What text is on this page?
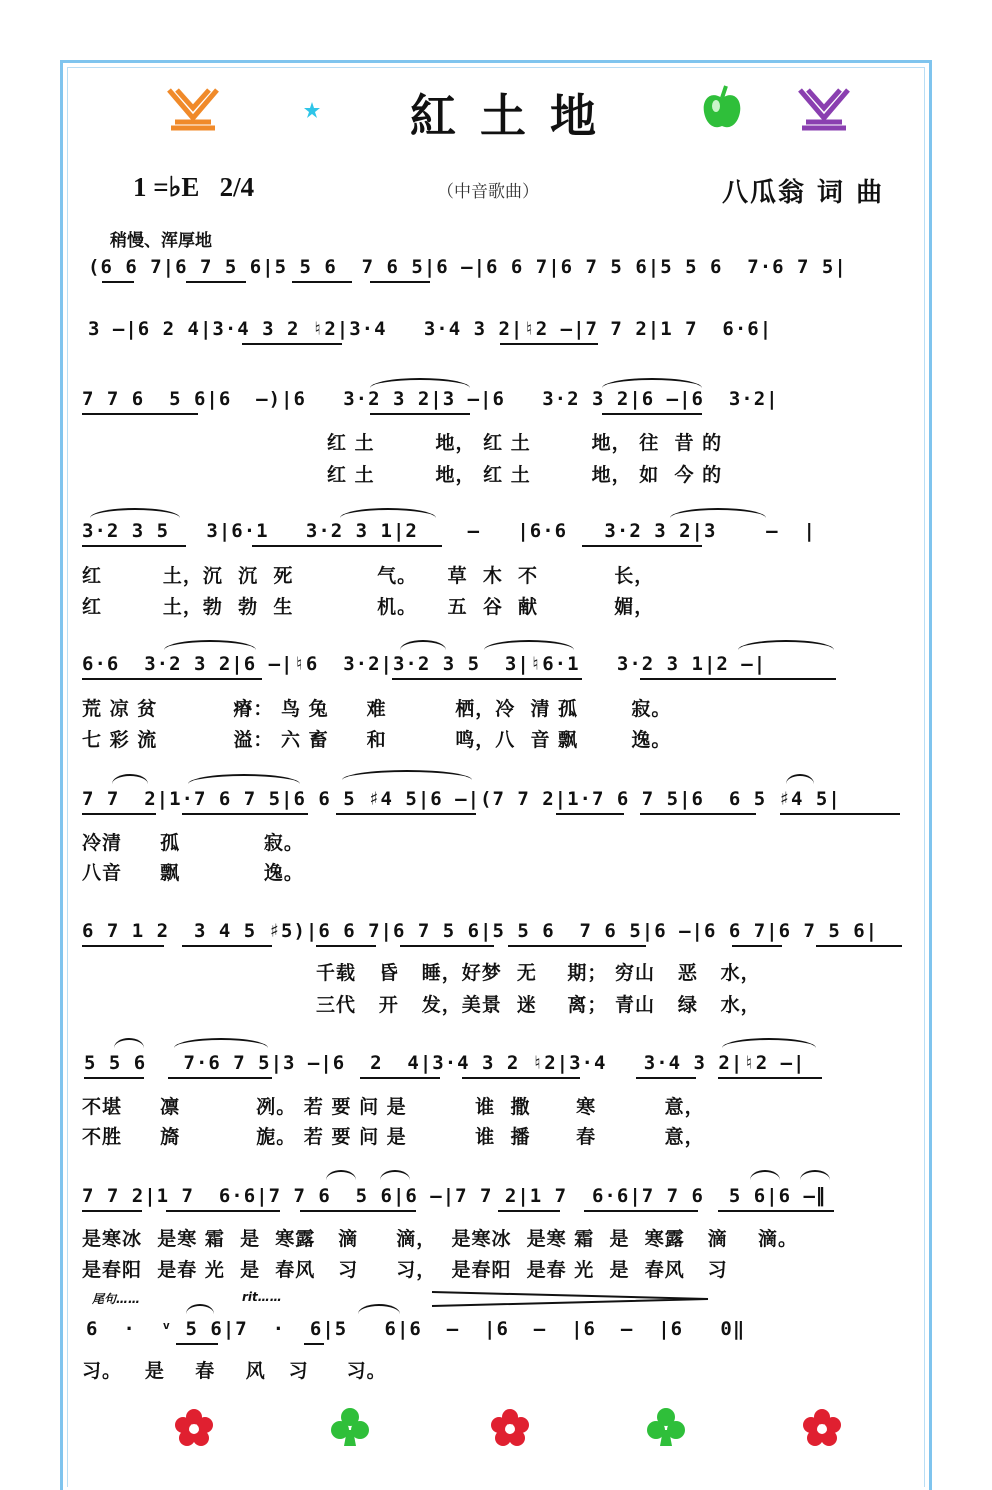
紅 土 地
1 =♭E   2/4	（中音歌曲）	八瓜翁 词 曲
稍慢、浑厚地
(6 6 7|6 7 5 6|5 5 6  7 6 5|6 —|6 6 7|6 7 5 6|5 5 6  7·6 7 5|
3 —|6 2 4|3·4 3 2 ♮2|3·4   3·4 3 2|♮2 —|7 7 2|1 7  6·6|
7 7 6  5 6|6  —)|6   3·2 3 2|3 —|6   3·2 3 2|6 —|6  3·2|
红 土        地， 红 土        地， 往  昔 的
红 土        地， 红 土        地， 如  今 的
3·2 3 5   3|6·1   3·2 3 1|2    —   |6·6   3·2 3 2|3    —  |
红        土，沉  沉  死           气。    草  木  不          长，
红        土，勃  勃  生           机。    五  谷  献          媚，
6·6  3·2 3 2|6 —|♮6  3·2|3·2 3 5  3|♮6·1   3·2 3 1|2 —|
荒 凉 贫          瘠： 鸟 兔     难         栖，冷  清 孤       寂。
七 彩 流          溢： 六 畜     和         鸣，八  音 飘       逸。
7 7  2|1·7 6 7 5|6 6 5 ♯4 5|6 —|(7 7 2|1·7 6 7 5|6  6 5 ♯4 5|
冷清     孤           寂。
八音     飘           逸。
6 7 1 2  3 4 5 ♯5)|6 6 7|6 7 5 6|5 5 6  7 6 5|6 —|6 6 7|6 7 5 6|
千载   昏   睡，好梦  无    期； 穷山   恶   水，
三代   开   发，美景  迷    离； 青山   绿   水，
5 5 6   7·6 7 5|3 —|6  2  4|3·4 3 2 ♮2|3·4   3·4 3 2|♮2 —|
不堪     凛          冽。 若 要 问 是         谁  撒      寒         意，
不胜     旖          旎。 若 要 问 是         谁  播      春         意，
7 7 2|1 7  6·6|7 7 6  5 6|6 —|7 7 2|1 7  6·6|7 7 6  5 6|6 —∥
是寒冰  是寒 霜  是  寒露   滴     滴，  是寒冰  是寒 霜  是  寒露   滴    滴。
是春阳  是春 光  是  春风   习     习，  是春阳  是春 光  是  春风   习
尾句……	rit……
6  ·  ᵛ 5 6|7  ·  6|5   6|6  —  |6  —  |6  —  |6   0‖
习。   是    春    风   习     习。
